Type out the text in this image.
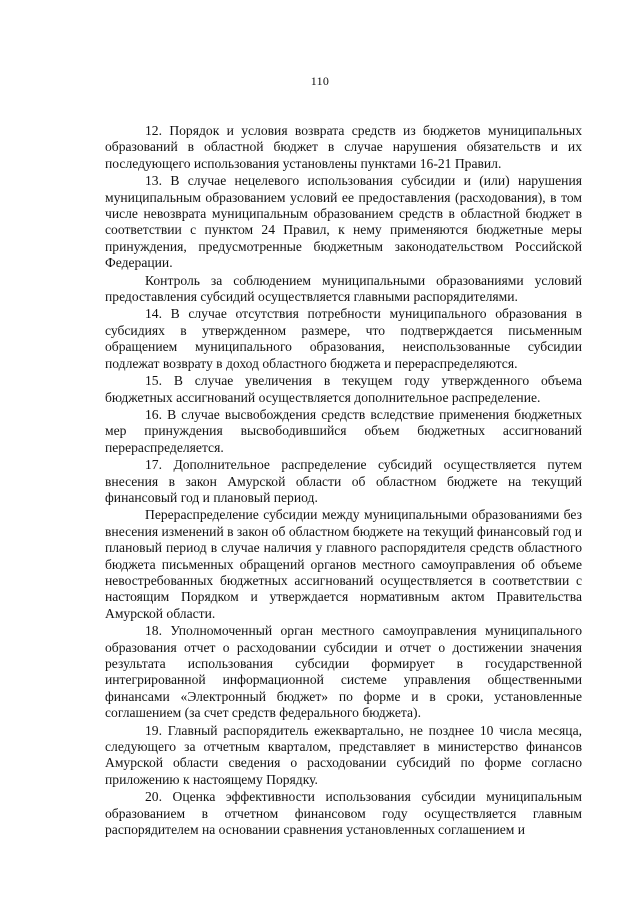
110

12. Порядок и условия возврата средств из бюджетов муниципальных образований в областной бюджет в случае нарушения обязательств и их последующего использования установлены пунктами 16-21 Правил.

13. В случае нецелевого использования субсидии и (или) нарушения муниципальным образованием условий ее предоставления (расходования), в том числе невозврата муниципальным образованием средств в областной бюджет в соответствии с пунктом 24 Правил, к нему применяются бюджетные меры принуждения, предусмотренные бюджетным законодательством Российской Федерации.

Контроль за соблюдением муниципальными образованиями условий предоставления субсидий осуществляется главными распорядителями.

14. В случае отсутствия потребности муниципального образования в субсидиях в утвержденном размере, что подтверждается письменным обращением муниципального образования, неиспользованные субсидии подлежат возврату в доход областного бюджета и перераспределяются.

15. В случае увеличения в текущем году утвержденного объема бюджетных ассигнований осуществляется дополнительное распределение.

16. В случае высвобождения средств вследствие применения бюджетных мер принуждения высвободившийся объем бюджетных ассигнований перераспределяется.

17. Дополнительное распределение субсидий осуществляется путем внесения в закон Амурской области об областном бюджете на текущий финансовый год и плановый период.

Перераспределение субсидии между муниципальными образованиями без внесения изменений в закон об областном бюджете на текущий финансовый год и плановый период в случае наличия у главного распорядителя средств областного бюджета письменных обращений органов местного самоуправления об объеме невостребованных бюджетных ассигнований осуществляется в соответствии с настоящим Порядком и утверждается нормативным актом Правительства Амурской области.

18. Уполномоченный орган местного самоуправления муниципального образования отчет о расходовании субсидии и отчет о достижении значения результата использования субсидии формирует в государственной интегрированной информационной системе управления общественными финансами «Электронный бюджет» по форме и в сроки, установленные соглашением (за счет средств федерального бюджета).

19. Главный распорядитель ежеквартально, не позднее 10 числа месяца, следующего за отчетным кварталом, представляет в министерство финансов Амурской области сведения о расходовании субсидий по форме согласно приложению к настоящему Порядку.

20. Оценка эффективности использования субсидии муниципальным образованием в отчетном финансовом году осуществляется главным распорядителем на основании сравнения установленных соглашением и
